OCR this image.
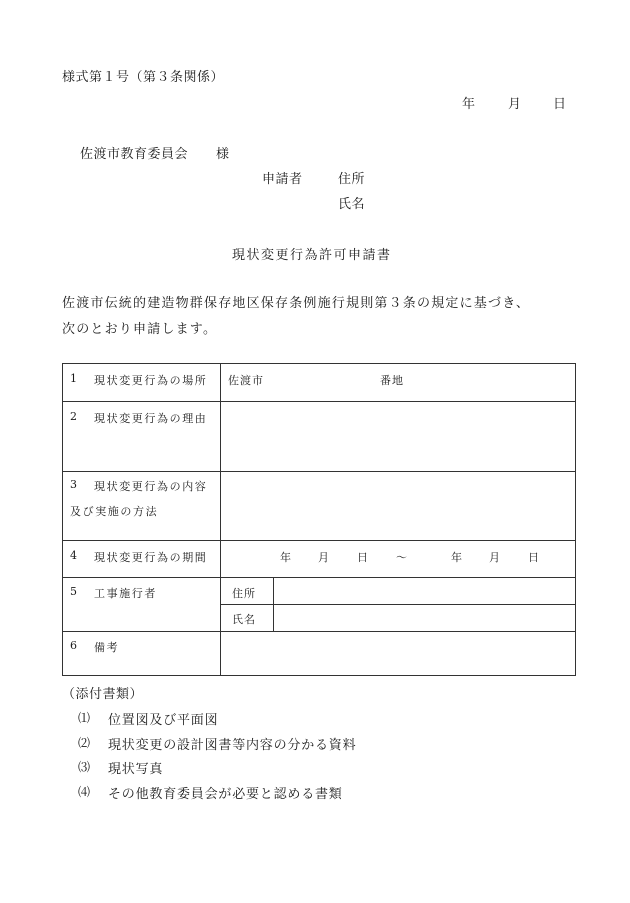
様式第１号（第３条関係）
年 月 日
佐渡市教育委員会 様
申請者	住所
氏名
現状変更行為許可申請書
佐渡市伝統的建造物群保存地区保存条例施行規則第３条の規定に基づき、
次のとおり申請します。
1 現状変更行為の場所 佐渡市	番地
2 現状変更行為の理由
3 現状変更行為の内容
及び実施の方法
4 現状変更行為の期間	年 月 日 ～	年 月 日
5 工事施行者	住所
氏名
6 備考
（添付書類）
⑴ 位置図及び平面図
⑵ 現状変更の設計図書等内容の分かる資料
⑶ 現状写真
⑷ その他教育委員会が必要と認める書類
